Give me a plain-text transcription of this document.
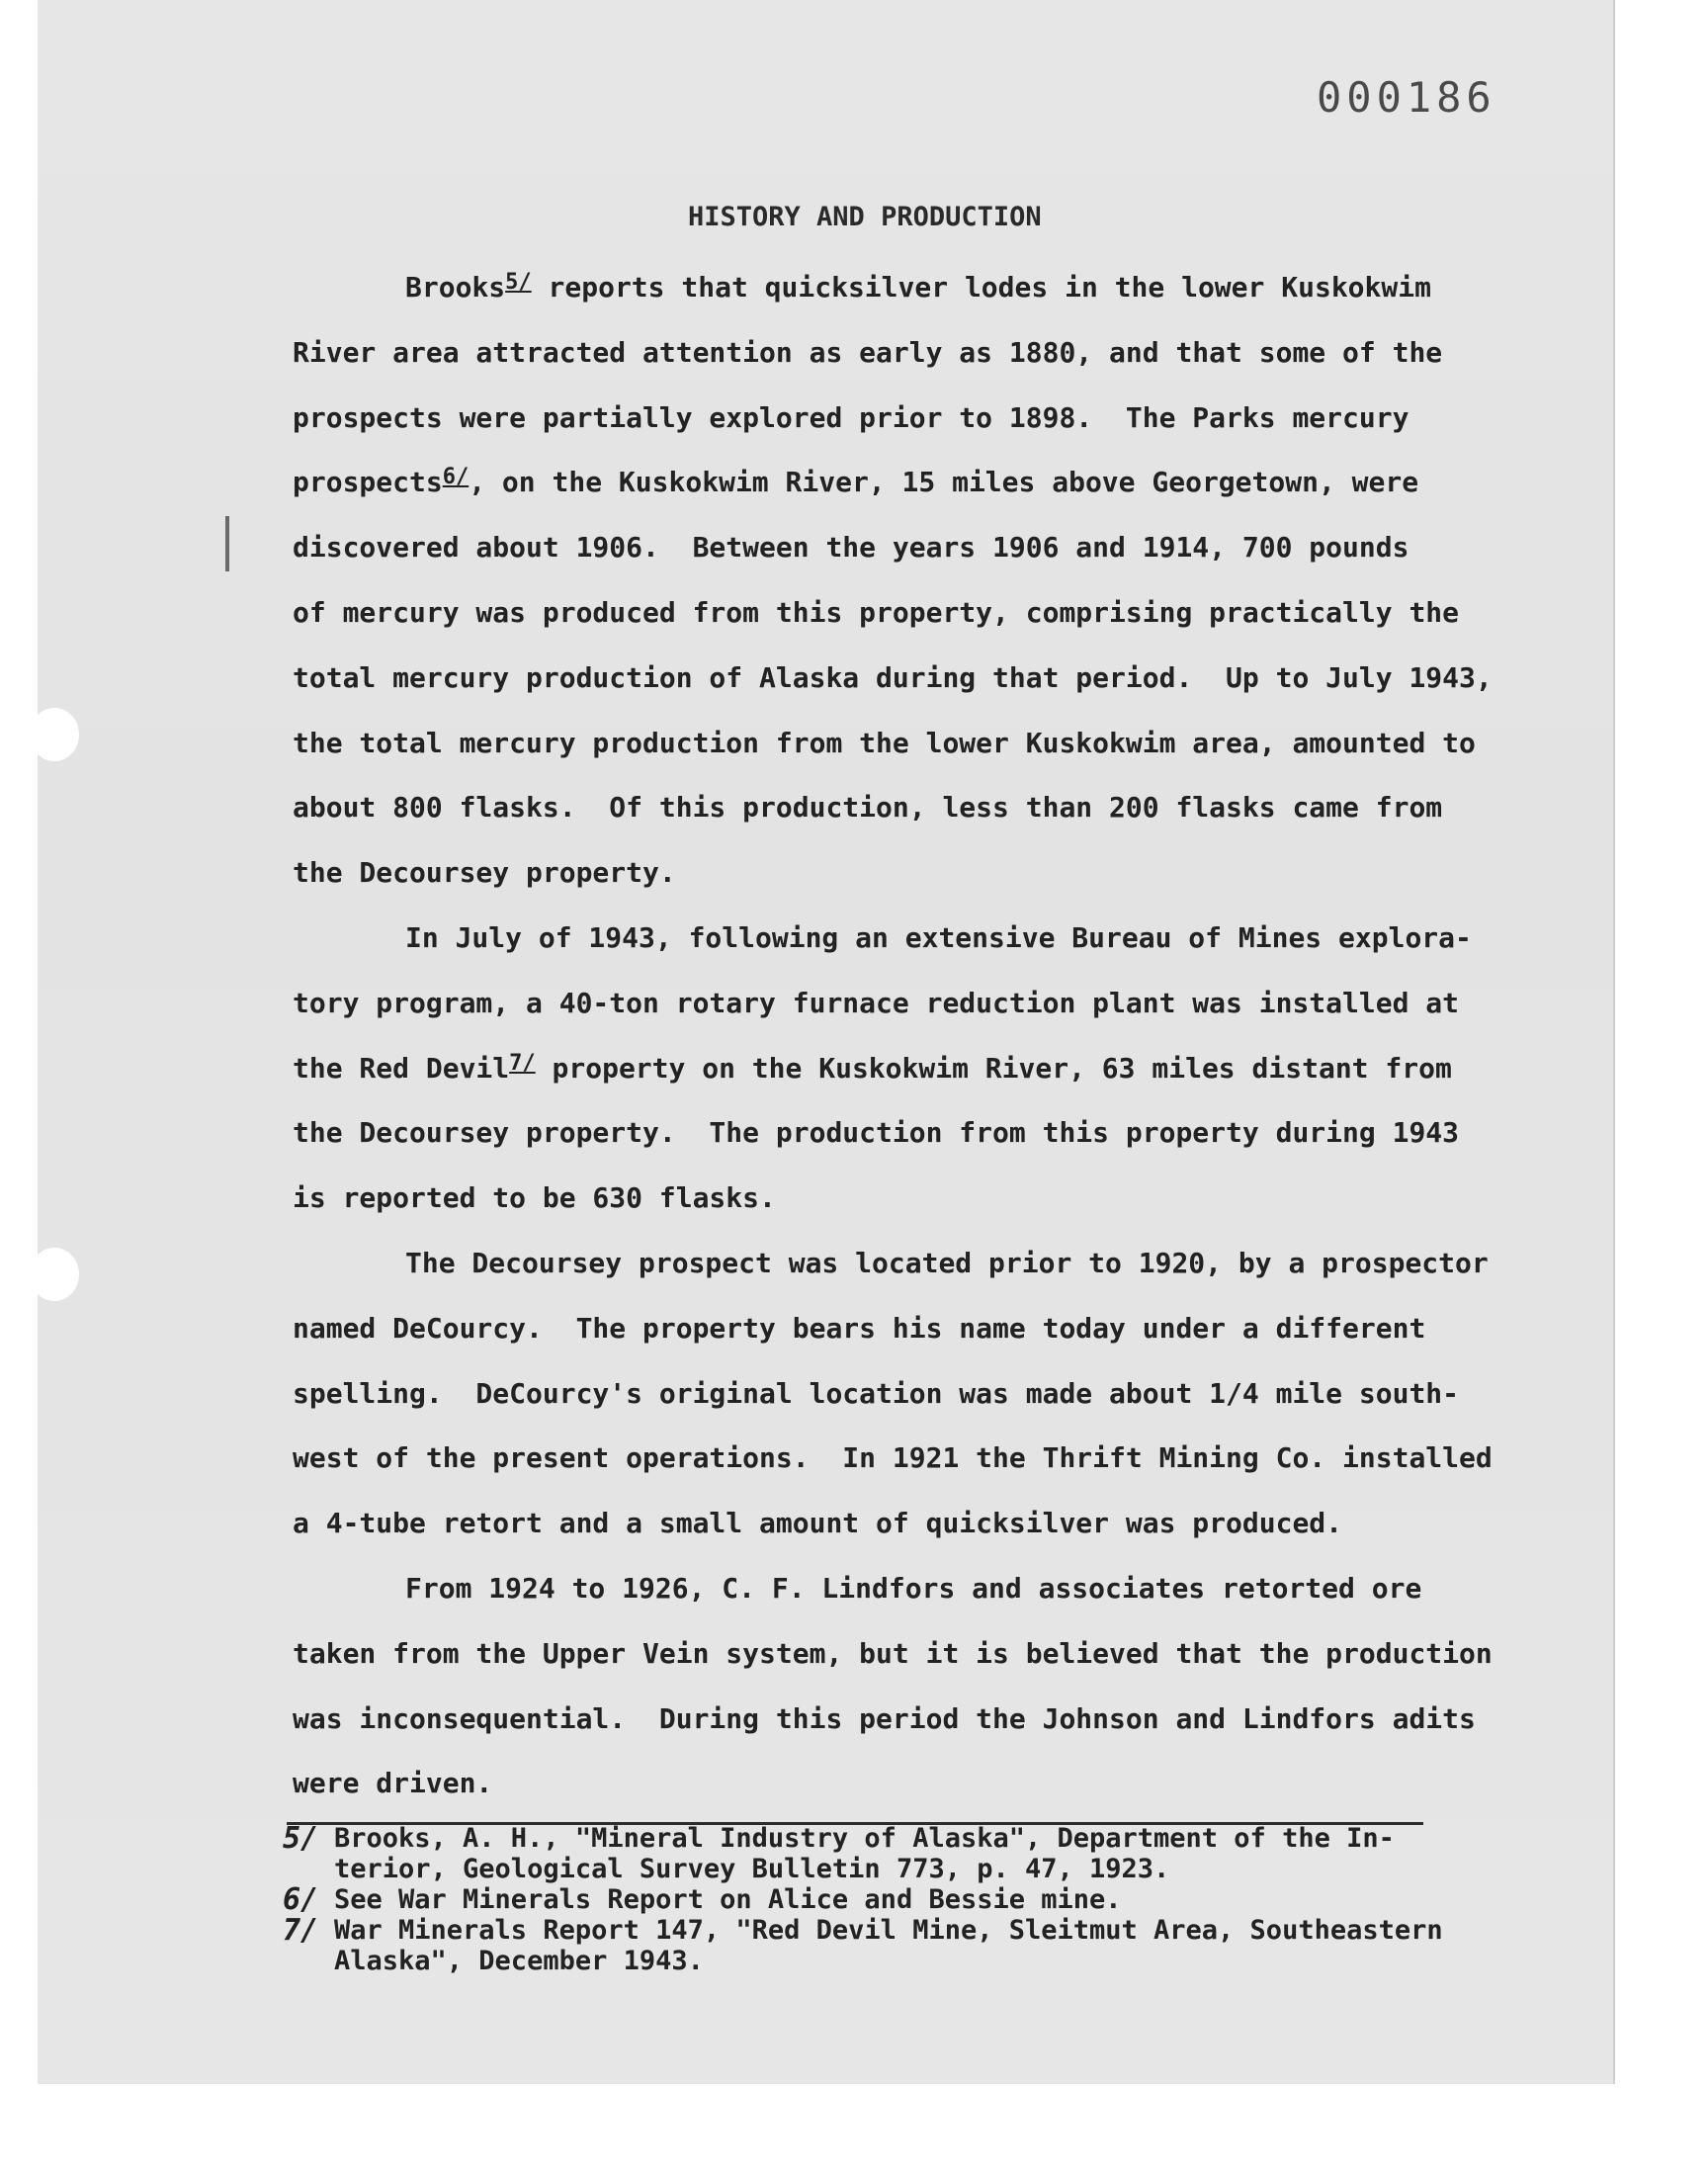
000186
HISTORY AND PRODUCTION

Brooks$^{5/}$ reports that quicksilver lodes in the lower Kuskokwim
River area attracted attention as early as 1880, and that some of the
prospects were partially explored prior to 1898.  The Parks mercury
prospects$^{6/}$, on the Kuskokwim River, 15 miles above Georgetown, were
discovered about 1906.  Between the years 1906 and 1914, 700 pounds
of mercury was produced from this property, comprising practically the
total mercury production of Alaska during that period.  Up to July 1943,
the total mercury production from the lower Kuskokwim area, amounted to
about 800 flasks.  Of this production, less than 200 flasks came from
the Decoursey property.

In July of 1943, following an extensive Bureau of Mines explora-
tory program, a 40-ton rotary furnace reduction plant was installed at
the Red Devil$^{7/}$ property on the Kuskokwim River, 63 miles distant from
the Decoursey property.  The production from this property during 1943
is reported to be 630 flasks.

The Decoursey prospect was located prior to 1920, by a prospector
named DeCourcy.  The property bears his name today under a different
spelling.  DeCourcy's original location was made about 1/4 mile south-
west of the present operations.  In 1921 the Thrift Mining Co. installed
a 4-tube retort and a small amount of quicksilver was produced.

From 1924 to 1926, C. F. Lindfors and associates retorted ore
taken from the Upper Vein system, but it is believed that the production
was inconsequential.  During this period the Johnson and Lindfors adits
were driven.

5/ Brooks, A. H., "Mineral Industry of Alaska", Department of the In-
terior, Geological Survey Bulletin 773, p. 47, 1923.
6/ See War Minerals Report on Alice and Bessie mine.
7/ War Minerals Report 147, "Red Devil Mine, Sleitmut Area, Southeastern
Alaska", December 1943.
